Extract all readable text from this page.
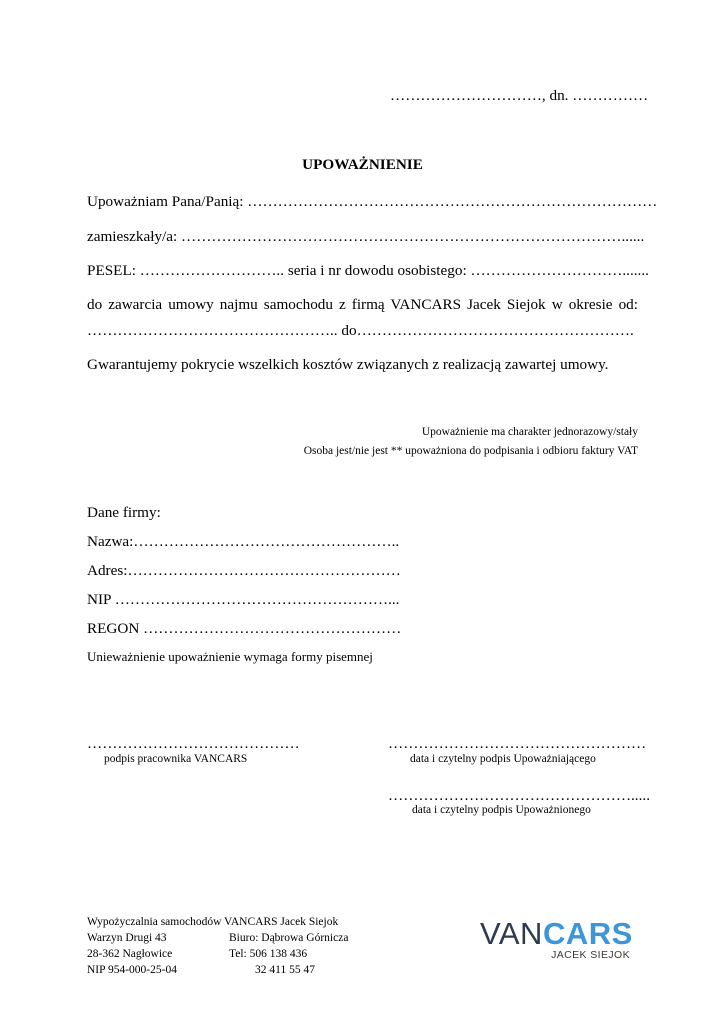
…………………………, dn. ……………
UPOWAŻNIENIE
Upoważniam Pana/Panią: ………………………………………………………………………
zamieszkały/a: ……………………………………………………………………………......
PESEL: ……………………….. seria i nr dowodu osobistego: ………………………….......
do zawarcia umowy najmu samochodu z firmą VANCARS Jacek Siejok w okresie od:
………………………………………….. do……………………………………………….
Gwarantujemy pokrycie wszelkich kosztów związanych z realizacją zawartej umowy.
Upoważnienie ma charakter jednorazowy/stały
Osoba jest/nie jest ** upoważniona do podpisania i odbioru faktury VAT
Dane firmy:
Nazwa:……………………………………………..
Adres:………………………………………………
NIP ………………………………………………...
REGON ……………………………………………
Unieważnienie upoważnienie wymaga formy pisemnej
……………………………………
podpis pracownika VANCARS
……………………………………………
data i czytelny podpis Upoważniającego
………………………………………….....
data i czytelny podpis Upoważnionego
Wypożyczalnia samochodów VANCARS Jacek Siejok
Warzyn Drugi 43	Biuro: Dąbrowa Górnicza
28-362 Nagłowice	Tel: 506 138 436
NIP 954-000-25-04	32 411 55 47
VANCARS
JACEK SIEJOK
